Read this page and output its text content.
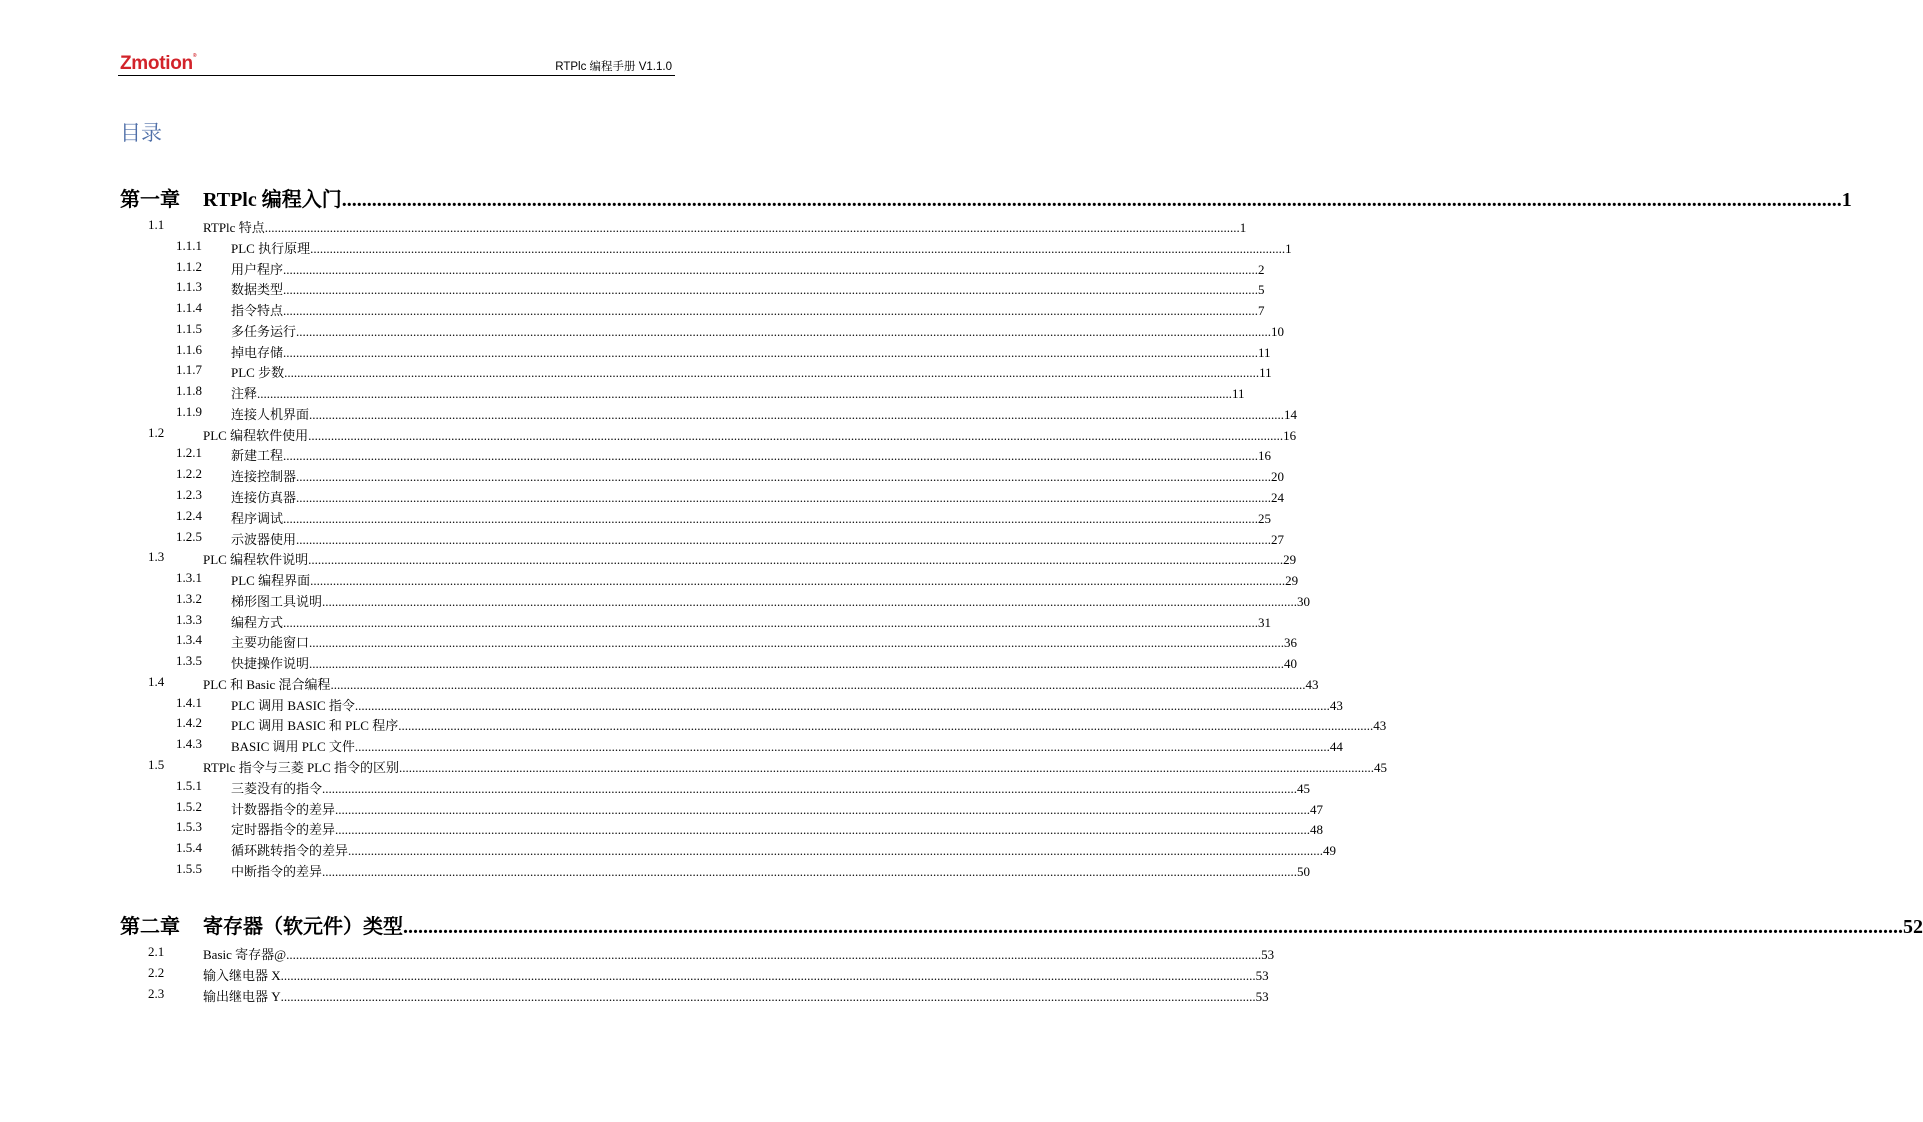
Zmotion®
RTPlc 编程手册 V1.1.0
目录
第一章 RTPlc 编程入门 ............................................................................................................................................................................................................................................................................................................ 1
1.1	RTPlc 特点 ............................................................................................................................................................................................................................................................................................................ 1
1.1.1 PLC 执行原理 ............................................................................................................................................................................................................................................................................................................ 1
1.1.2 用户程序 ............................................................................................................................................................................................................................................................................................................ 2
1.1.3 数据类型 ............................................................................................................................................................................................................................................................................................................ 5
1.1.4 指令特点 ............................................................................................................................................................................................................................................................................................................ 7
1.1.5 多任务运行 ............................................................................................................................................................................................................................................................................................................ 10
1.1.6 掉电存储 ............................................................................................................................................................................................................................................................................................................ 11
1.1.7 PLC 步数 ............................................................................................................................................................................................................................................................................................................ 11
1.1.8 注释 ............................................................................................................................................................................................................................................................................................................ 11
1.1.9 连接人机界面 ............................................................................................................................................................................................................................................................................................................ 14
1.2	PLC 编程软件使用 ............................................................................................................................................................................................................................................................................................................ 16
1.2.1 新建工程 ............................................................................................................................................................................................................................................................................................................ 16
1.2.2 连接控制器 ............................................................................................................................................................................................................................................................................................................ 20
1.2.3 连接仿真器 ............................................................................................................................................................................................................................................................................................................ 24
1.2.4 程序调试 ............................................................................................................................................................................................................................................................................................................ 25
1.2.5 示波器使用 ............................................................................................................................................................................................................................................................................................................ 27
1.3	PLC 编程软件说明 ............................................................................................................................................................................................................................................................................................................ 29
1.3.1 PLC 编程界面 ............................................................................................................................................................................................................................................................................................................ 29
1.3.2 梯形图工具说明 ............................................................................................................................................................................................................................................................................................................ 30
1.3.3 编程方式 ............................................................................................................................................................................................................................................................................................................ 31
1.3.4 主要功能窗口 ............................................................................................................................................................................................................................................................................................................ 36
1.3.5 快捷操作说明 ............................................................................................................................................................................................................................................................................................................ 40
1.4	PLC 和 Basic 混合编程 ............................................................................................................................................................................................................................................................................................................ 43
1.4.1 PLC 调用 BASIC 指令 ............................................................................................................................................................................................................................................................................................................ 43
1.4.2 PLC 调用 BASIC 和 PLC 程序 ............................................................................................................................................................................................................................................................................................................ 43
1.4.3 BASIC 调用 PLC 文件 ............................................................................................................................................................................................................................................................................................................ 44
1.5	RTPlc 指令与三菱 PLC 指令的区别 ............................................................................................................................................................................................................................................................................................................ 45
1.5.1 三菱没有的指令 ............................................................................................................................................................................................................................................................................................................ 45
1.5.2 计数器指令的差异 ............................................................................................................................................................................................................................................................................................................ 47
1.5.3 定时器指令的差异 ............................................................................................................................................................................................................................................................................................................ 48
1.5.4 循环跳转指令的差异 ............................................................................................................................................................................................................................................................................................................ 49
1.5.5 中断指令的差异 ............................................................................................................................................................................................................................................................................................................ 50
第二章 寄存器（软元件）类型 ............................................................................................................................................................................................................................................................................................................ 52
2.1	Basic 寄存器@ ............................................................................................................................................................................................................................................................................................................ 53
2.2	输入继电器 X ............................................................................................................................................................................................................................................................................................................ 53
2.3	输出继电器 Y ............................................................................................................................................................................................................................................................................................................ 53
